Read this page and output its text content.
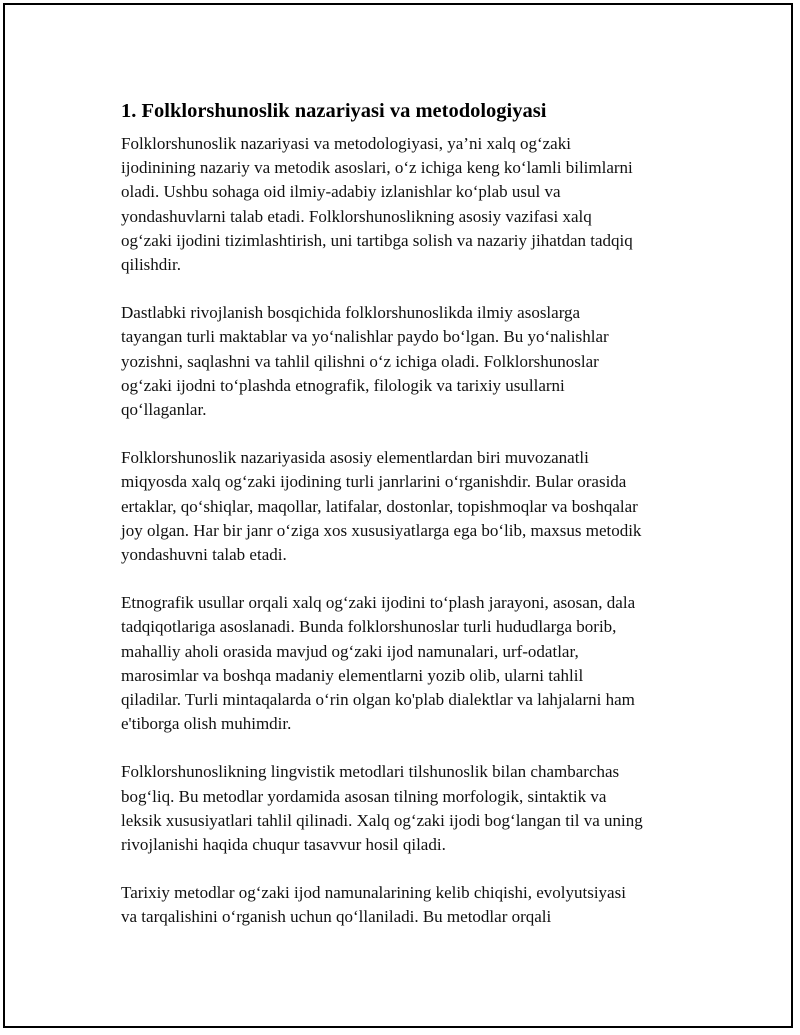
1. Folklorshunoslik nazariyasi va metodologiyasi

Folklorshunoslik nazariyasi va metodologiyasi, ya’ni xalq og‘zaki
ijodinining nazariy va metodik asoslari, o‘z ichiga keng ko‘lamli bilimlarni
oladi. Ushbu sohaga oid ilmiy-adabiy izlanishlar ko‘plab usul va
yondashuvlarni talab etadi. Folklorshunoslikning asosiy vazifasi xalq
og‘zaki ijodini tizimlashtirish, uni tartibga solish va nazariy jihatdan tadqiq
qilishdir.

Dastlabki rivojlanish bosqichida folklorshunoslikda ilmiy asoslarga
tayangan turli maktablar va yo‘nalishlar paydo bo‘lgan. Bu yo‘nalishlar
yozishni, saqlashni va tahlil qilishni o‘z ichiga oladi. Folklorshunoslar
og‘zaki ijodni to‘plashda etnografik, filologik va tarixiy usullarni
qo‘llaganlar.

Folklorshunoslik nazariyasida asosiy elementlardan biri muvozanatli
miqyosda xalq og‘zaki ijodining turli janrlarini o‘rganishdir. Bular orasida
ertaklar, qo‘shiqlar, maqollar, latifalar, dostonlar, topishmoqlar va boshqalar
joy olgan. Har bir janr o‘ziga xos xususiyatlarga ega bo‘lib, maxsus metodik
yondashuvni talab etadi.

Etnografik usullar orqali xalq og‘zaki ijodini to‘plash jarayoni, asosan, dala
tadqiqotlariga asoslanadi. Bunda folklorshunoslar turli hududlarga borib,
mahalliy aholi orasida mavjud og‘zaki ijod namunalari, urf-odatlar,
marosimlar va boshqa madaniy elementlarni yozib olib, ularni tahlil
qiladilar. Turli mintaqalarda o‘rin olgan ko'plab dialektlar va lahjalarni ham
e'tiborga olish muhimdir.

Folklorshunoslikning lingvistik metodlari tilshunoslik bilan chambarchas
bog‘liq. Bu metodlar yordamida asosan tilning morfologik, sintaktik va
leksik xususiyatlari tahlil qilinadi. Xalq og‘zaki ijodi bog‘langan til va uning
rivojlanishi haqida chuqur tasavvur hosil qiladi.

Tarixiy metodlar og‘zaki ijod namunalarining kelib chiqishi, evolyutsiyasi
va tarqalishini o‘rganish uchun qo‘llaniladi. Bu metodlar orqali
